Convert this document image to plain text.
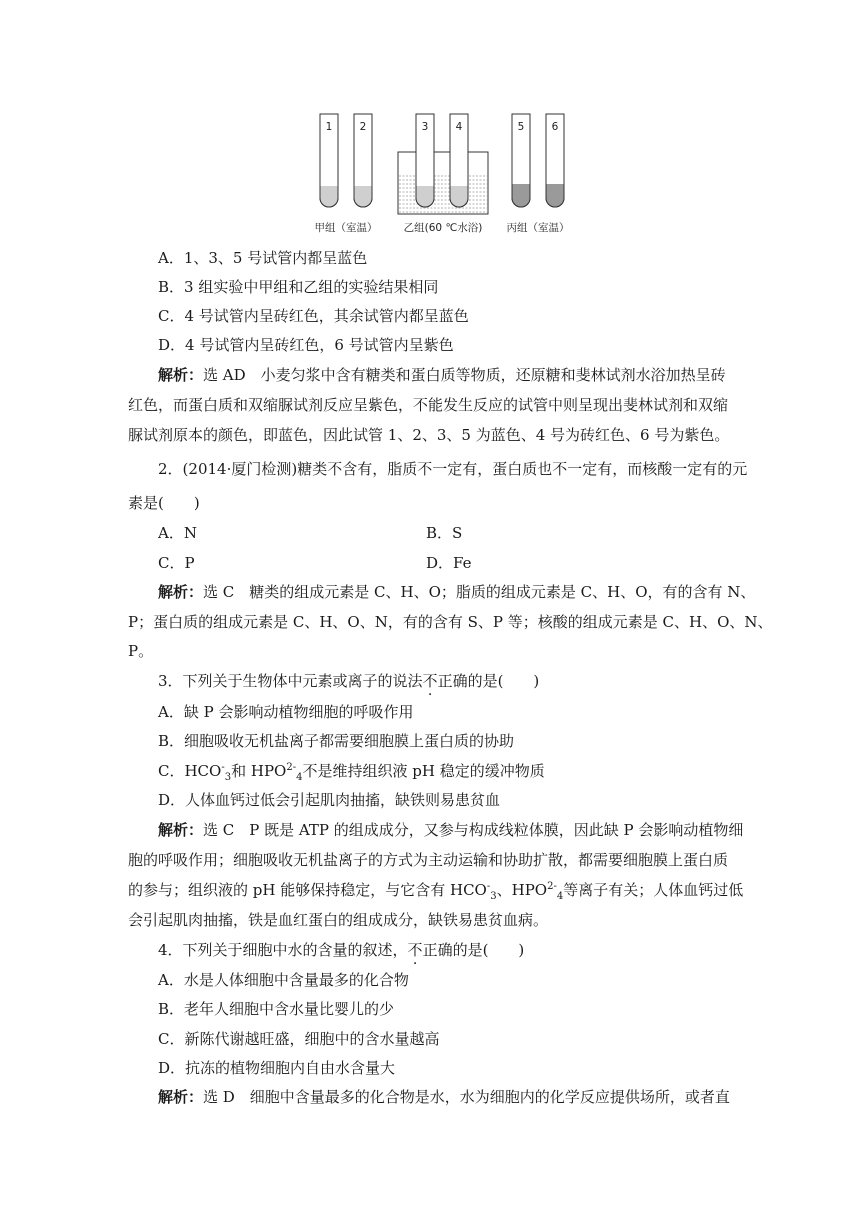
1	2	3	4	5	6
甲组（室温） 乙组(60 ℃水浴) 丙组（室温）
A．1、3、5 号试管内都呈蓝色
B．3 组实验中甲组和乙组的实验结果相同
C．4 号试管内呈砖红色，其余试管内都呈蓝色
D．4 号试管内呈砖红色，6 号试管内呈紫色
解析：选 AD　小麦匀浆中含有糖类和蛋白质等物质，还原糖和斐林试剂水浴加热呈砖
红色，而蛋白质和双缩脲试剂反应呈紫色，不能发生反应的试管中则呈现出斐林试剂和双缩
脲试剂原本的颜色，即蓝色，因此试管 1、2、3、5 为蓝色、4 号为砖红色、6 号为紫色。
2．(2014·厦门检测)糖类不含有，脂质不一定有，蛋白质也不一定有，而核酸一定有的元
素是(　　)
A．N	B．S
C．P	D．Fe
解析：选 C　糖类的组成元素是 C、H、O；脂质的组成元素是 C、H、O，有的含有 N、
P；蛋白质的组成元素是 C、H、O、N，有的含有 S、P 等；核酸的组成元素是 C、H、O、N、
P。
3．下列关于生物体中元素或离子的说法不正确的是(　　)
A．缺 P 会影响动植物细胞的呼吸作用
B．细胞吸收无机盐离子都需要细胞膜上蛋白质的协助
C．$HCO^-_3$和 $HPO^{2-}_4$不是维持组织液 pH 稳定的缓冲物质
D．人体血钙过低会引起肌肉抽搐，缺铁则易患贫血
解析：选 C　P 既是 ATP 的组成成分，又参与构成线粒体膜，因此缺 P 会影响动植物细
胞的呼吸作用；细胞吸收无机盐离子的方式为主动运输和协助扩散，都需要细胞膜上蛋白质
的参与；组织液的 pH 能够保持稳定，与它含有 $HCO^-_3$、$HPO^{2-}_4$等离子有关；人体血钙过低
会引起肌肉抽搐，铁是血红蛋白的组成成分，缺铁易患贫血病。
4．下列关于细胞中水的含量的叙述，不正确的是(　　)
A．水是人体细胞中含量最多的化合物
B．老年人细胞中含水量比婴儿的少
C．新陈代谢越旺盛，细胞中的含水量越高
D．抗冻的植物细胞内自由水含量大
解析：选 D　细胞中含量最多的化合物是水，水为细胞内的化学反应提供场所，或者直
